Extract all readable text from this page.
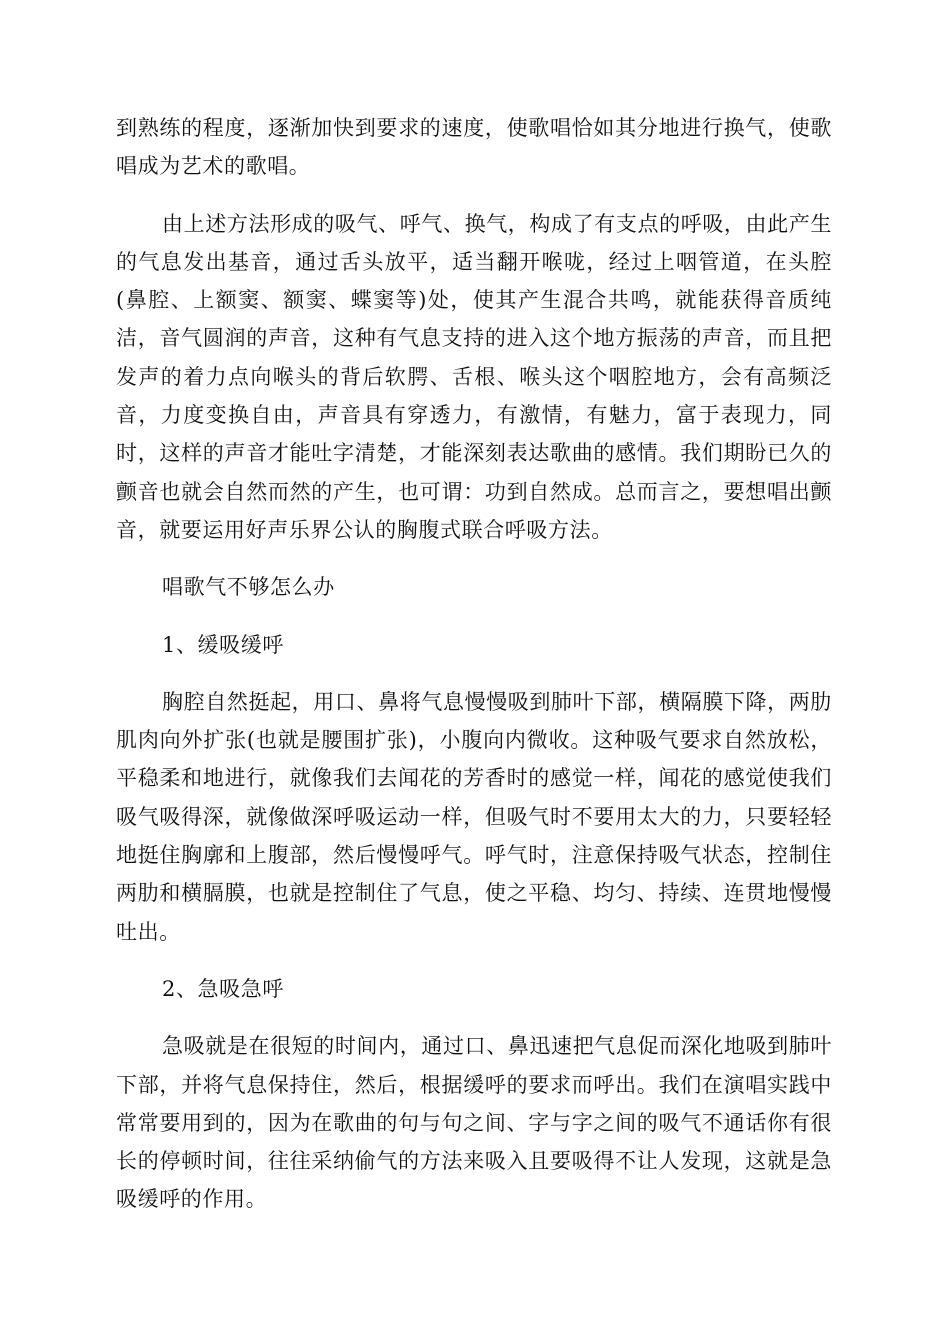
到熟练的程度，逐渐加快到要求的速度，使歌唱恰如其分地进行换气，使歌唱成为艺术的歌唱。

由上述方法形成的吸气、呼气、换气，构成了有支点的呼吸，由此产生的气息发出基音，通过舌头放平，适当翻开喉咙，经过上咽管道，在头腔(鼻腔、上额窦、额窦、蝶窦等)处，使其产生混合共鸣，就能获得音质纯洁，音气圆润的声音，这种有气息支持的进入这个地方振荡的声音，而且把发声的着力点向喉头的背后软腭、舌根、喉头这个咽腔地方，会有高频泛音，力度变换自由，声音具有穿透力，有激情，有魅力，富于表现力，同时，这样的声音才能吐字清楚，才能深刻表达歌曲的感情。我们期盼已久的颤音也就会自然而然的产生，也可谓：功到自然成。总而言之，要想唱出颤音，就要运用好声乐界公认的胸腹式联合呼吸方法。

唱歌气不够怎么办

1、缓吸缓呼

胸腔自然挺起，用口、鼻将气息慢慢吸到肺叶下部，横隔膜下降，两肋肌肉向外扩张(也就是腰围扩张)，小腹向内微收。这种吸气要求自然放松，平稳柔和地进行，就像我们去闻花的芳香时的感觉一样，闻花的感觉使我们吸气吸得深，就像做深呼吸运动一样，但吸气时不要用太大的力，只要轻轻地挺住胸廓和上腹部，然后慢慢呼气。呼气时，注意保持吸气状态，控制住两肋和横膈膜，也就是控制住了气息，使之平稳、均匀、持续、连贯地慢慢吐出。

2、急吸急呼

急吸就是在很短的时间内，通过口、鼻迅速把气息促而深化地吸到肺叶下部，并将气息保持住，然后，根据缓呼的要求而呼出。我们在演唱实践中常常要用到的，因为在歌曲的句与句之间、字与字之间的吸气不通话你有很长的停顿时间，往往采纳偷气的方法来吸入且要吸得不让人发现，这就是急吸缓呼的作用。
